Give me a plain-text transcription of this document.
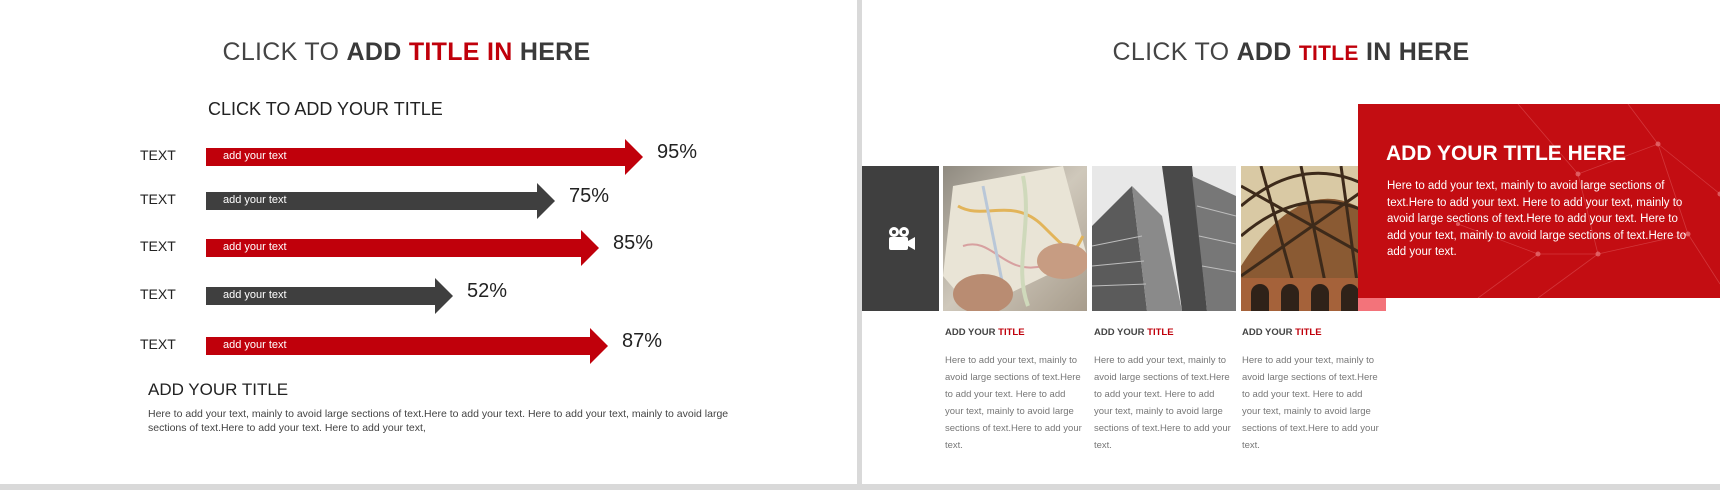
CLICK TO ADD TITLE IN HERE
CLICK TO ADD YOUR TITLE
TEXT	add your text	95%
TEXT	add your text	75%
TEXT	add your text	85%
TEXT	add your text	52%
TEXT	add your text	87%
ADD YOUR TITLE
Here to add your text, mainly to avoid large sections of text.Here to add your text. Here to add your text, mainly to avoid large sections of text.Here to add your text. Here to add your text,
CLICK TO ADD TITLE IN HERE
ADD YOUR TITLE HERE
Here to add your text, mainly to avoid large sections of text.Here to add your text. Here to add your text, mainly to avoid large sections of text.Here to add your text. Here to add your text, mainly to avoid large sections of text.Here to add your text.
ADD YOUR TITLE
Here to add your text, mainly to avoid large sections of text.Here to add your text. Here to add your text, mainly to avoid large sections of text.Here to add your text.
ADD YOUR TITLE
Here to add your text, mainly to avoid large sections of text.Here to add your text. Here to add your text, mainly to avoid large sections of text.Here to add your text.
ADD YOUR TITLE
Here to add your text, mainly to avoid large sections of text.Here to add your text. Here to add your text, mainly to avoid large sections of text.Here to add your text.
